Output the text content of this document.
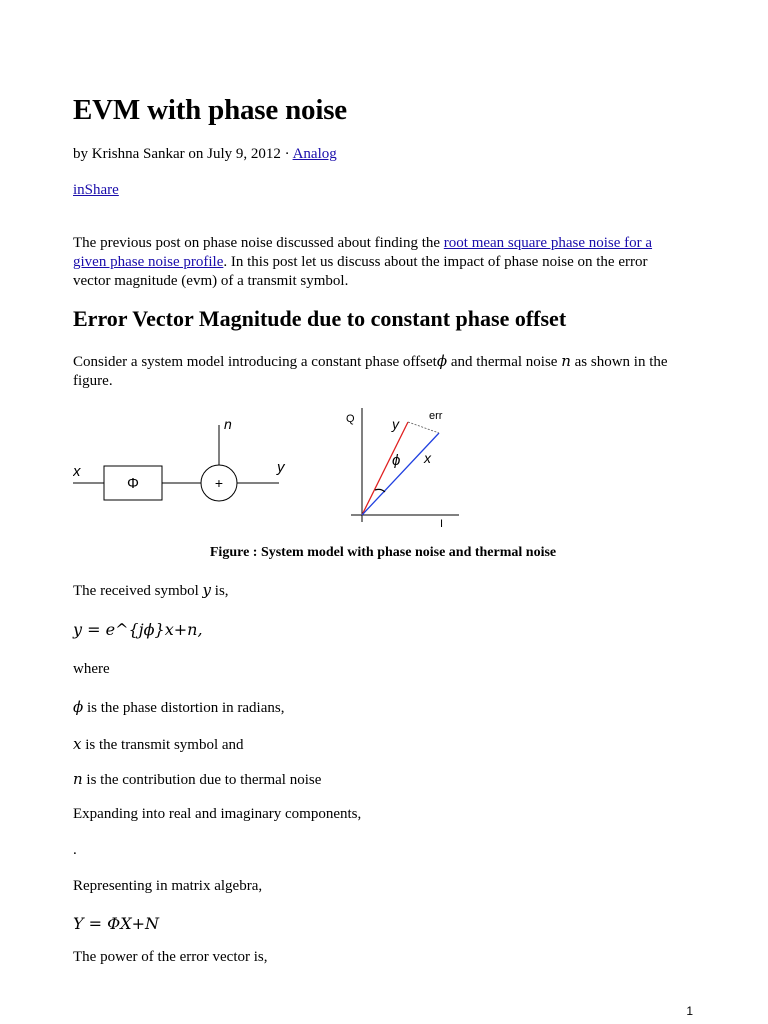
EVM with phase noise
by Krishna Sankar on July 9, 2012 · Analog
inShare

The previous post on phase noise discussed about finding the root mean square phase noise for a given phase noise profile. In this post let us discuss about the impact of phase noise on the error vector magnitude (evm) of a transmit symbol.

Error Vector Magnitude due to constant phase offset

Consider a system model introducing a constant phase offsetϕ and thermal noise n as shown in the figure.

Φ	+
x
n
y
Q
I
y
x
ϕ
err
Figure : System model with phase noise and thermal noise
The received symbol y is,
y = e^{jϕ}x+n,
where
ϕ is the phase distortion in radians,
x is the transmit symbol and
n is the contribution due to thermal noise
Expanding into real and imaginary components,
.
Representing in matrix algebra,
Y = ΦX+N
The power of the error vector is,
1
